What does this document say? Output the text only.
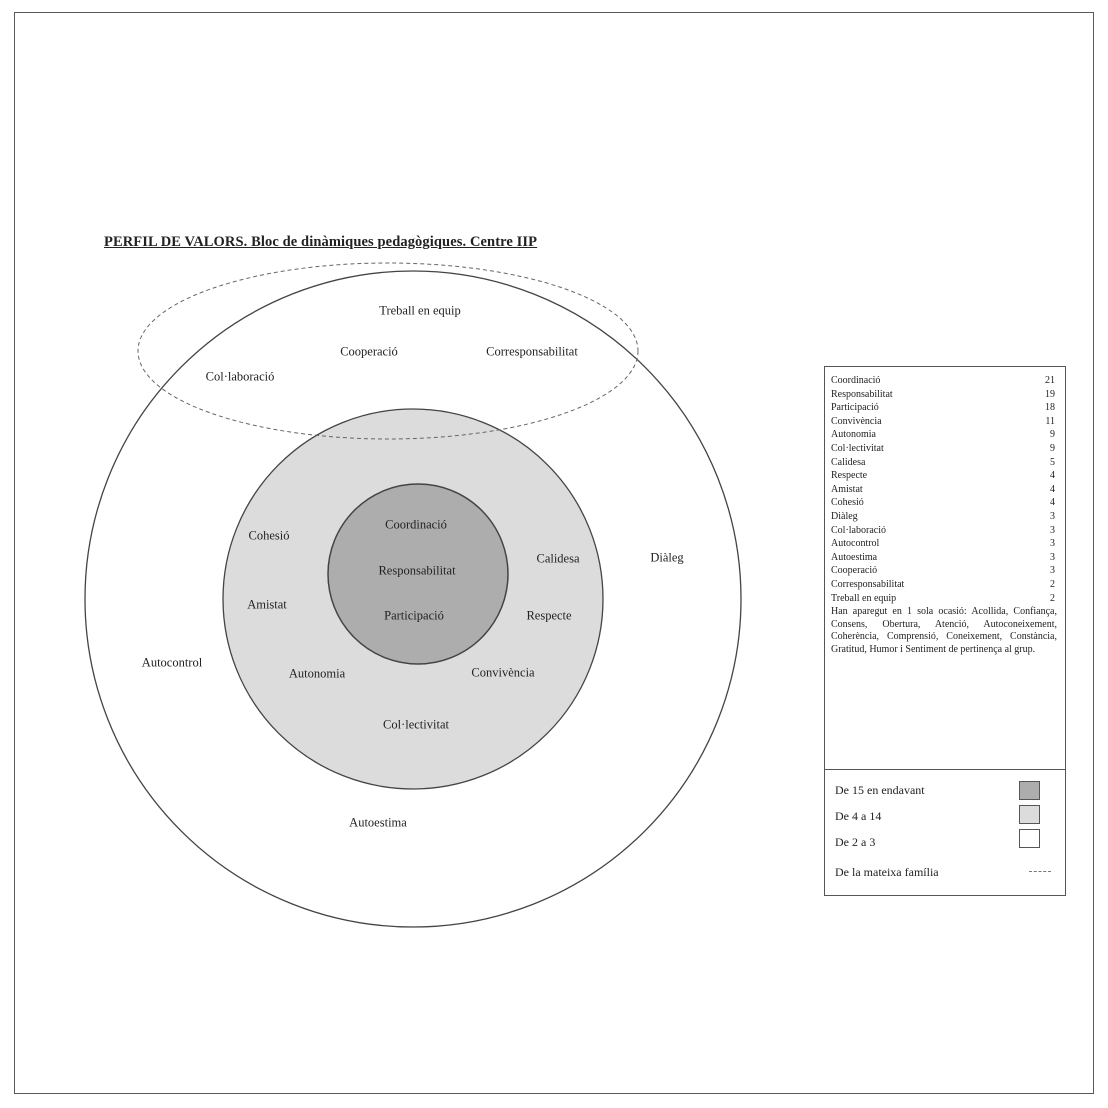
PERFIL DE VALORS. Bloc de dinàmiques pedagògiques. Centre IIP
Treball en equip
Cooperació	Corresponsabilitat
Col·laboració
Diàleg
Autocontrol
Autoestima
Cohesió
Calidesa
Amistat
Respecte
Autonomia	Convivència
Col·lectivitat
Coordinació
Responsabilitat
Participació
Coordinació	21
Responsabilitat	19
Participació	18
Convivència	11
Autonomia	9
Col·lectivitat	9
Calidesa	5
Respecte	4
Amistat	4
Cohesió	4
Diàleg	3
Col·laboració	3
Autocontrol	3
Autoestima	3
Cooperació	3
Corresponsabilitat	2
Treball en equip	2
Han aparegut en 1 sola ocasió: Acollida, Confiança, Consens, Obertura, Atenció, Autoconeixement, Coherència, Comprensió, Coneixement, Constància, Gratitud, Humor i Sentiment de pertinença al grup.
De 15 en endavant
De 4 a 14
De 2 a 3
De la mateixa família
